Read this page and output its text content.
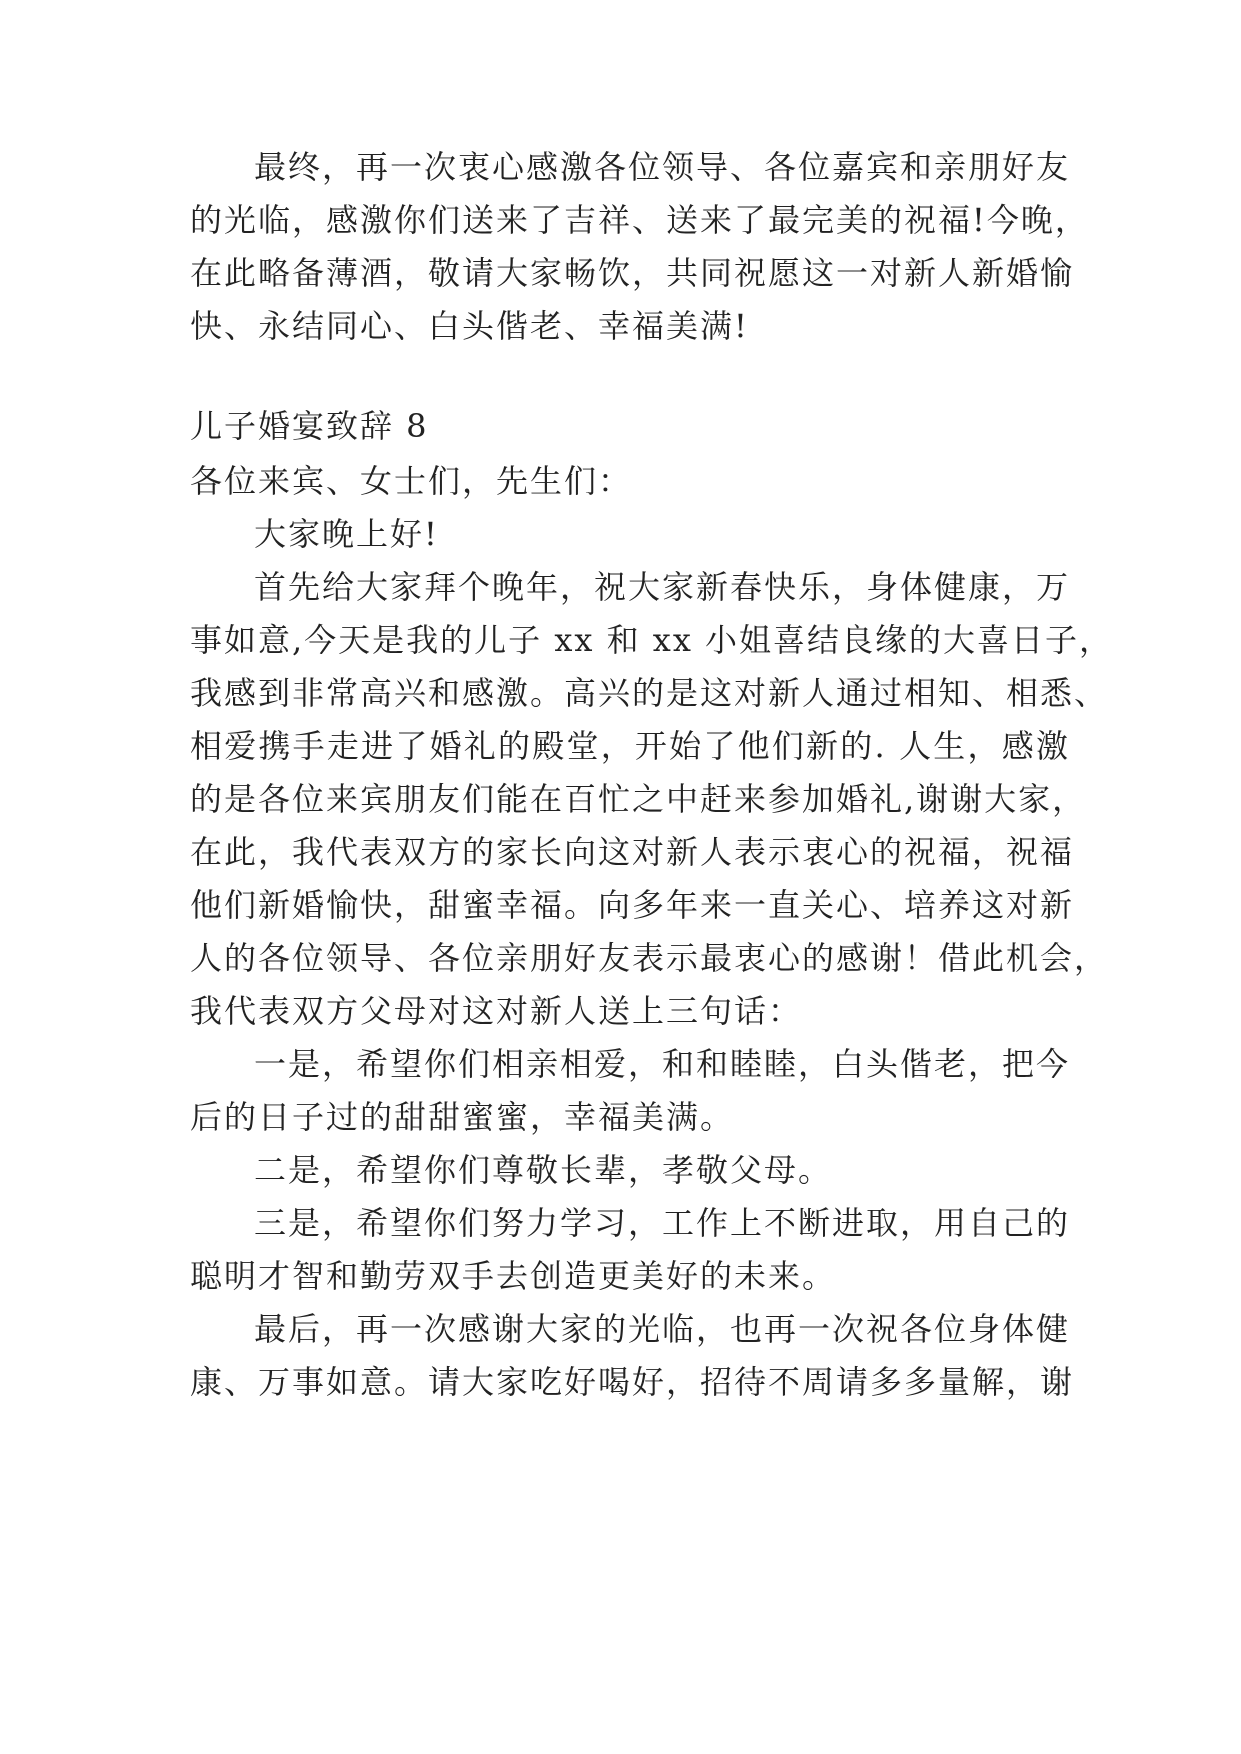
最终，再一次衷心感激各位领导、各位嘉宾和亲朋好友
的光临，感激你们送来了吉祥、送来了最完美的祝福!今晚，
在此略备薄酒，敬请大家畅饮，共同祝愿这一对新人新婚愉
快、永结同心、白头偕老、幸福美满!
儿子婚宴致辞 8
各位来宾、女士们，先生们：
大家晚上好!
首先给大家拜个晚年，祝大家新春快乐，身体健康，万
事如意,今天是我的儿子 xx 和 xx 小姐喜结良缘的大喜日子，
我感到非常高兴和感激。高兴的是这对新人通过相知、相悉、
相爱携手走进了婚礼的殿堂，开始了他们新的. 人生，感激
的是各位来宾朋友们能在百忙之中赶来参加婚礼,谢谢大家，
在此，我代表双方的家长向这对新人表示衷心的祝福，祝福
他们新婚愉快，甜蜜幸福。向多年来一直关心、培养这对新
人的各位领导、各位亲朋好友表示最衷心的感谢！借此机会，
我代表双方父母对这对新人送上三句话：
一是，希望你们相亲相爱，和和睦睦，白头偕老，把今
后的日子过的甜甜蜜蜜，幸福美满。
二是，希望你们尊敬长辈，孝敬父母。
三是，希望你们努力学习，工作上不断进取，用自己的
聪明才智和勤劳双手去创造更美好的未来。
最后，再一次感谢大家的光临，也再一次祝各位身体健
康、万事如意。请大家吃好喝好，招待不周请多多量解，谢
